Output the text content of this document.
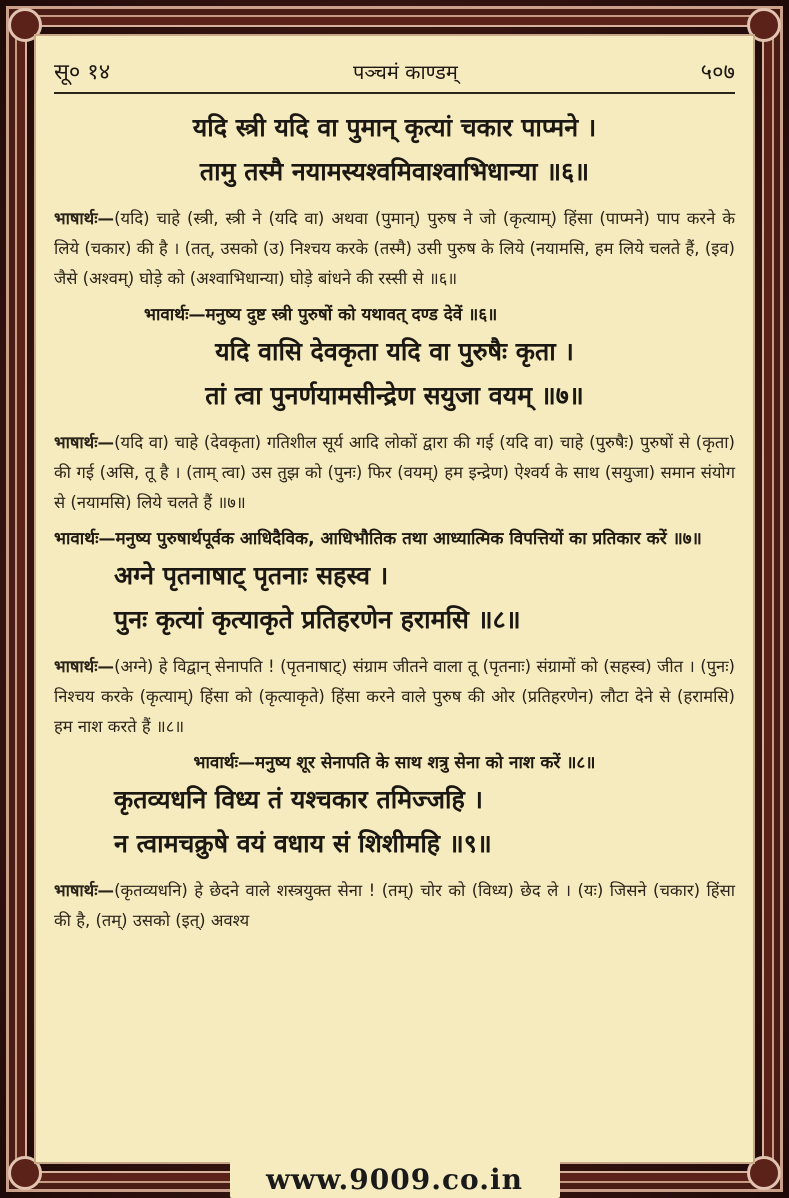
सू० १४	पञ्चमं काण्डम्	५०७
यदि स्त्री यदि वा पुमान् कृत्यां चकार पाप्मने ।
तामु तस्मै नयामस्यश्वमिवाश्वाभिधान्या ॥६॥
भाषार्थः—(यदि) चाहे (स्त्री, स्त्री ने (यदि वा) अथवा (पुमान्) पुरुष ने जो (कृत्याम्) हिंसा (पाप्मने) पाप करने के लिये (चकार) की है । (तत्, उसको (उ) निश्चय करके (तस्मै) उसी पुरुष के लिये (नयामसि, हम लिये चलते हैं, (इव) जैसे (अश्वम्) घोड़े को (अश्वाभिधान्या) घोड़े बांधने की रस्सी से ॥६॥
भावार्थः—मनुष्य दुष्ट स्त्री पुरुषों को यथावत् दण्ड देवें ॥६॥
यदि वासि देवकृता यदि वा पुरुषैः कृता ।
तां त्वा पुनर्णयामसीन्द्रेण सयुजा वयम् ॥७॥
भाषार्थः—(यदि वा) चाहे (देवकृता) गतिशील सूर्य आदि लोकों द्वारा की गई (यदि वा) चाहे (पुरुषैः) पुरुषों से (कृता) की गई (असि, तू है । (ताम् त्वा) उस तुझ को (पुनः) फिर (वयम्) हम इन्द्रेण) ऐश्वर्य के साथ (सयुजा) समान संयोग से (नयामसि) लिये चलते हैं ॥७॥
भावार्थः—मनुष्य पुरुषार्थपूर्वक आधिदैविक, आधिभौतिक तथा आध्यात्मिक विपत्तियों का प्रतिकार करें ॥७॥
अग्ने पृतनाषाट् पृतनाः सहस्व ।
पुनः कृत्यां कृत्याकृते प्रतिहरणेन हरामसि ॥८॥
भाषार्थः—(अग्ने) हे विद्वान् सेनापति ! (पृतनाषाट्) संग्राम जीतने वाला तू (पृतनाः) संग्रामों को (सहस्व) जीत । (पुनः) निश्चय करके (कृत्याम्) हिंसा को (कृत्याकृते) हिंसा करने वाले पुरुष की ओर (प्रतिहरणेन) लौटा देने से (हरामसि) हम नाश करते हैं ॥८॥
भावार्थः—मनुष्य शूर सेनापति के साथ शत्रु सेना को नाश करें ॥८॥
कृतव्यधनि विध्य तं यश्चकार तमिज्जहि ।
न त्वामचक्रुषे वयं वधाय सं शिशीमहि ॥९॥
भाषार्थः—(कृतव्यधनि) हे छेदने वाले शस्त्रयुक्त सेना ! (तम्) चोर को (विध्य) छेद ले । (यः) जिसने (चकार) हिंसा की है, (तम्) उसको (इत्) अवश्य
www.9009.co.in
